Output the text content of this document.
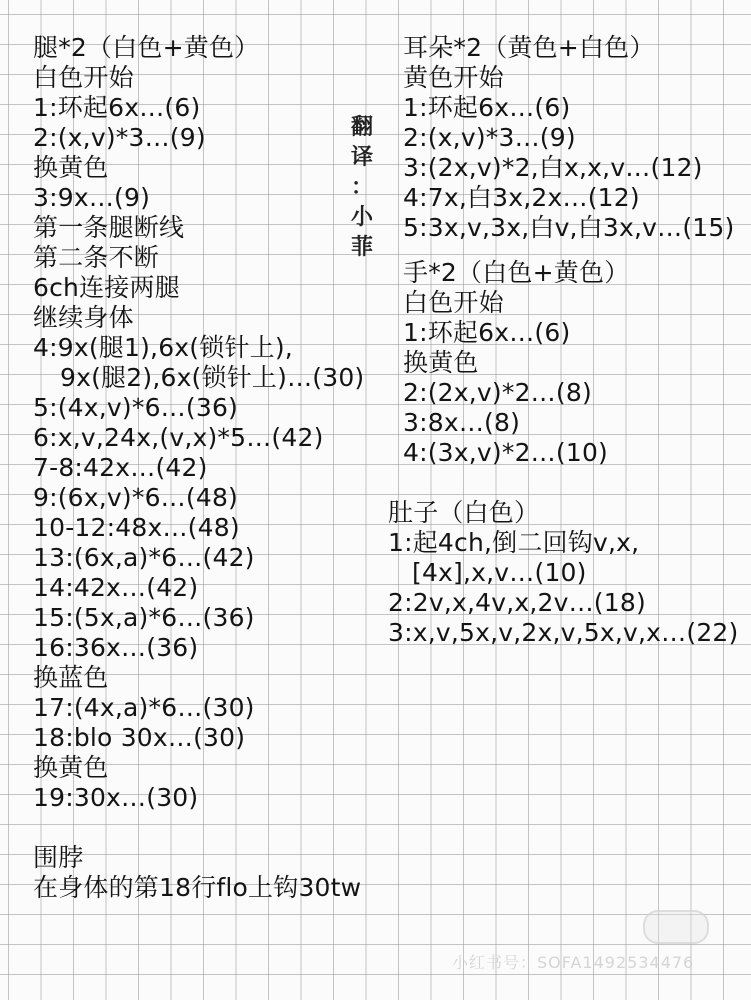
腿*2（白色+黄色）
白色开始
1:环起6x…(6)
2:(x,v)*3…(9)
换黄色
3:9x…(9)
第一条腿断线
第二条不断
6ch连接两腿
继续身体
4:9x(腿1),6x(锁针上),
9x(腿2),6x(锁针上)…(30)
5:(4x,v)*6…(36)
6:x,v,24x,(v,x)*5…(42)
7-8:42x…(42)
9:(6x,v)*6…(48)
10-12:48x…(48)
13:(6x,a)*6…(42)
14:42x…(42)
15:(5x,a)*6…(36)
16:36x…(36)
换蓝色
17:(4x,a)*6…(30)
18:blo 30x…(30)
换黄色
19:30x…(30)
围脖
在身体的第18行flo上钩30tw
耳朵*2（黄色+白色）
黄色开始
1:环起6x…(6)
2:(x,v)*3…(9)
3:(2x,v)*2,白x,x,v…(12)
4:7x,白3x,2x…(12)
5:3x,v,3x,白v,白3x,v…(15)
手*2（白色+黄色）
白色开始
1:环起6x…(6)
换黄色
2:(2x,v)*2…(8)
3:8x…(8)
4:(3x,v)*2…(10)
肚子（白色）
1:起4ch,倒二回钩v,x,
[4x],x,v…(10)
2:2v,x,4v,x,2v…(18)
3:x,v,5x,v,2x,v,5x,v,x…(22)
翻
译
：
小
菲
小红书号：SOFA1492534476
